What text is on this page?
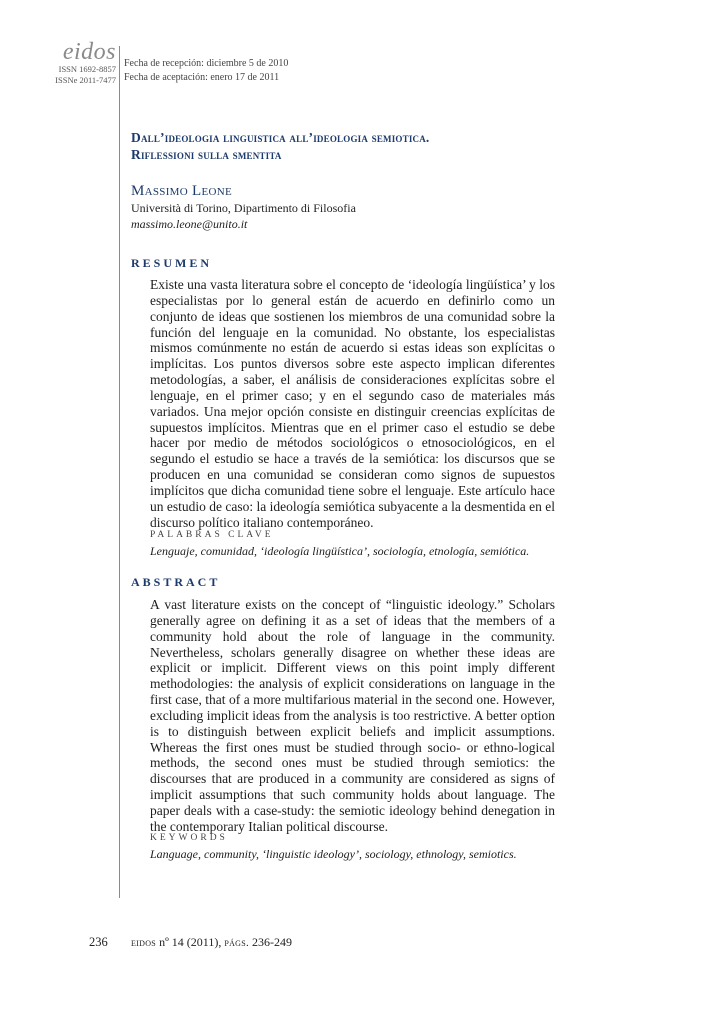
eidos
ISSN 1692-8857
ISSNe 2011-7477
Fecha de recepción: diciembre 5 de 2010
Fecha de aceptación: enero 17 de 2011
Dall’ideologia linguistica all’ideologia semiotica.
Riflessioni sulla smentita
Massimo Leone
Università di Torino, Dipartimento di Filosofia
massimo.leone@unito.it
RESUMEN
Existe una vasta literatura sobre el concepto de ‘ideología lingüística’ y los especialistas por lo general están de acuerdo en definirlo como un conjunto de ideas que sostienen los miembros de una comunidad sobre la función del lenguaje en la comunidad. No obstante, los especialistas mismos comúnmente no están de acuerdo si estas ideas son explícitas o implícitas. Los puntos diversos sobre este aspecto implican diferentes metodologías, a saber, el análisis de consideraciones explícitas sobre el lenguaje, en el primer caso; y en el segundo caso de materiales más variados. Una mejor opción consiste en distinguir creencias explícitas de supuestos implícitos. Mientras que en el primer caso el estudio se debe hacer por medio de métodos sociológicos o etnosociológicos, en el segundo el estudio se hace a través de la semiótica: los discursos que se producen en una comunidad se consideran como signos de supuestos implícitos que dicha comunidad tiene sobre el lenguaje. Este artículo hace un estudio de caso: la ideología semiótica subyacente a la desmentida en el discurso político italiano contemporáneo.
PALABRAS CLAVE
Lenguaje, comunidad, ‘ideología lingüística’, sociología, etnología, semiótica.
ABSTRACT
A vast literature exists on the concept of “linguistic ideology.” Scholars generally agree on defining it as a set of ideas that the members of a community hold about the role of language in the community. Nevertheless, scholars generally disagree on whether these ideas are explicit or implicit. Different views on this point imply different methodologies: the analysis of explicit considerations on language in the first case, that of a more multifarious material in the second one. However, excluding implicit ideas from the analysis is too restrictive. A better option is to distinguish between explicit beliefs and implicit assumptions. Whereas the first ones must be studied through socio- or ethno-logical methods, the second ones must be studied through semiotics: the discourses that are produced in a community are considered as signs of implicit assumptions that such community holds about language. The paper deals with a case-study: the semiotic ideology behind denegation in the contemporary Italian political discourse.
KEYWORDS
Language, community, ‘linguistic ideology’, sociology, ethnology, semiotics.
236 eidos nº 14 (2011), págs. 236-249
